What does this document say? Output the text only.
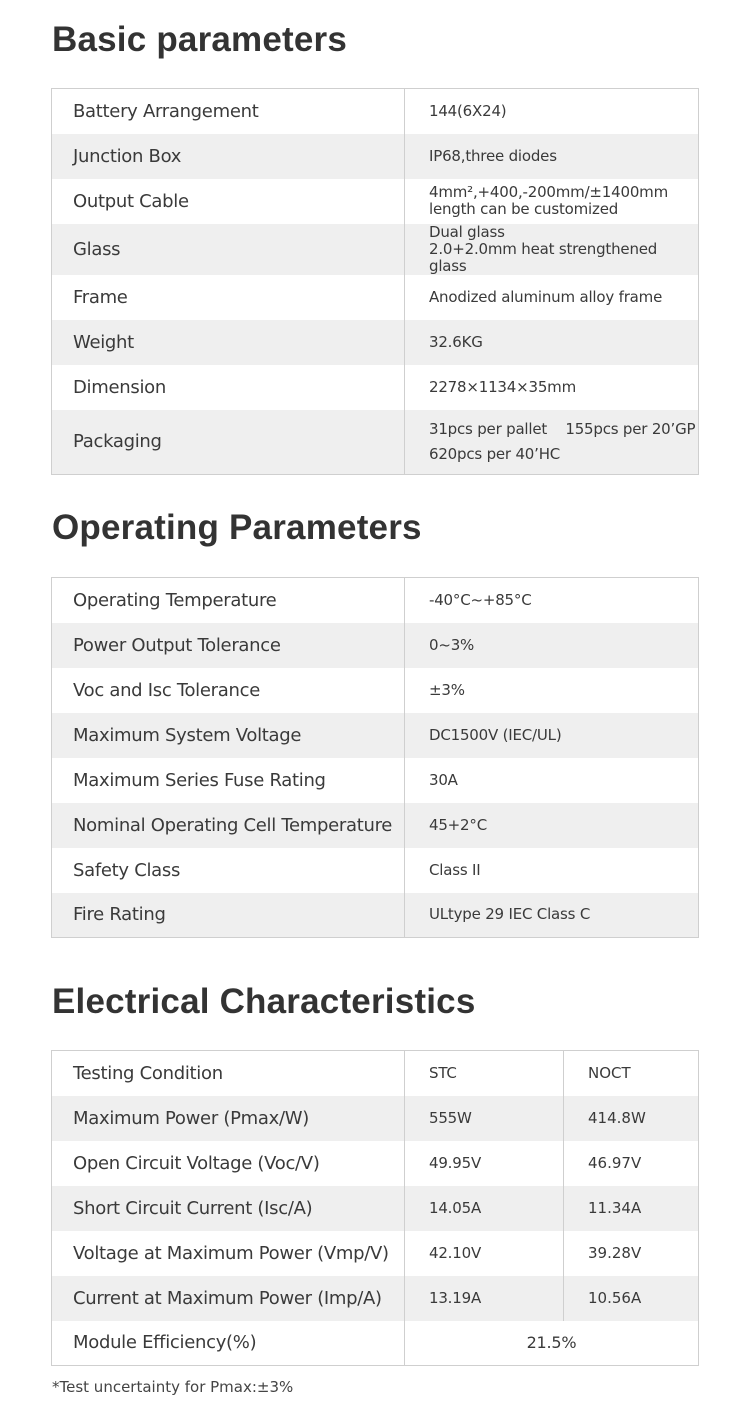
Basic parameters
Battery Arrangement	144(6X24)

Junction Box	IP68,three diodes

Output Cable	4mm²,+400,-200mm/±1400mm
length can be customized

Glass	Dual glass
2.0+2.0mm heat strengthened glass

Frame	Anodized aluminum alloy frame

Weight	32.6KG

Dimension	2278×1134×35mm

Packaging	31pcs per pallet    155pcs per 20’GP
620pcs per 40’HC
Operating Parameters
Operating Temperature	-40°C~+85°C
Power Output Tolerance	0~3%
Voc and Isc Tolerance	±3%
Maximum System Voltage	DC1500V (IEC/UL)
Maximum Series Fuse Rating	30A
Nominal Operating Cell Temperature	45+2°C
Safety Class	Class II
Fire Rating	ULtype 29 IEC Class C
Electrical Characteristics
Testing Condition	STC	NOCT
Maximum Power (Pmax/W)	555W	414.8W
Open Circuit Voltage (Voc/V)	49.95V	46.97V
Short Circuit Current (Isc/A)	14.05A	11.34A
Voltage at Maximum Power (Vmp/V)	42.10V	39.28V
Current at Maximum Power (Imp/A)	13.19A	10.56A
Module Efficiency(%)	21.5%	
*Test uncertainty for Pmax:±3%
